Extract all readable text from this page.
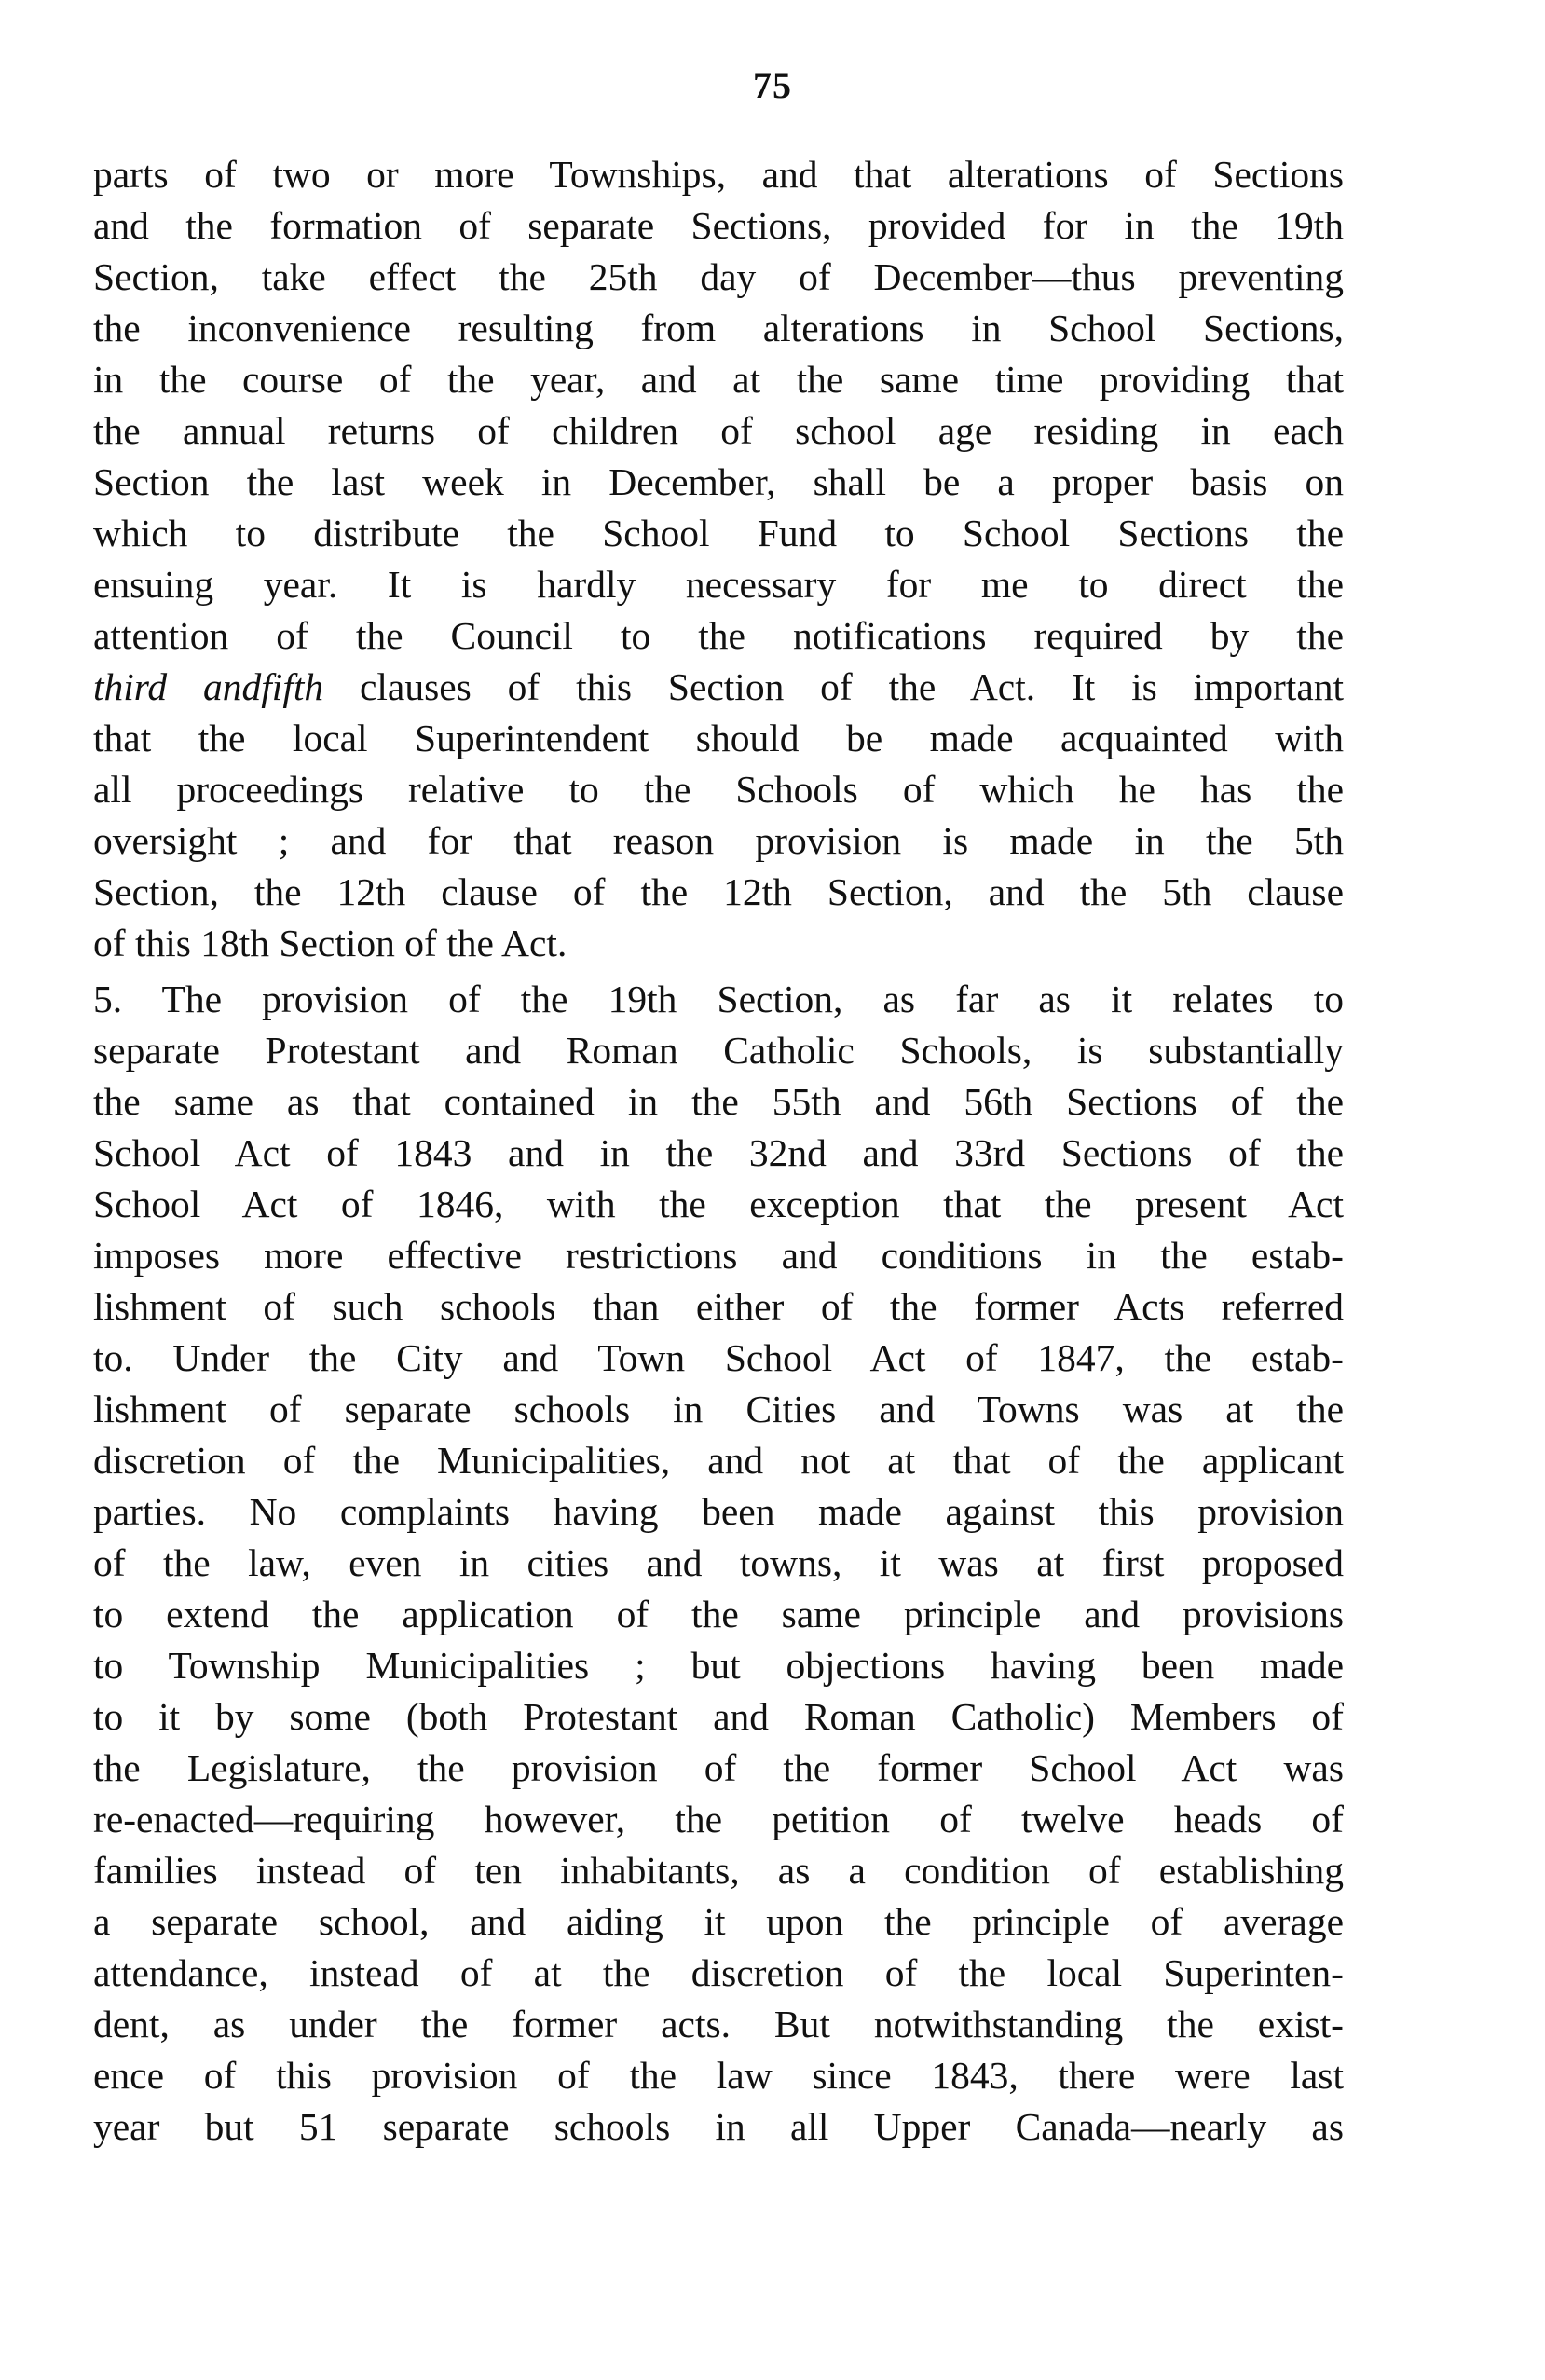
75
parts of two or more Townships, and that alterations of Sections
and the formation of separate Sections, provided for in the 19th
Section, take effect the 25th day of December—thus preventing
the inconvenience resulting from alterations in School Sections,
in the course of the year, and at the same time providing that
the annual returns of children of school age residing in each
Section the last week in December, shall be a proper basis on
which to distribute the School Fund to School Sections the
ensuing year. It is hardly necessary for me to direct the
attention of the Council to the notifications required by the
third andfifth clauses of this Section of the Act. It is important
that the local Superintendent should be made acquainted with
all proceedings relative to the Schools of which he has the
oversight ; and for that reason provision is made in the 5th
Section, the 12th clause of the 12th Section, and the 5th clause
of this 18th Section of the Act.
5. The provision of the 19th Section, as far as it relates to
separate Protestant and Roman Catholic Schools, is substantially
the same as that contained in the 55th and 56th Sections of the
School Act of 1843 and in the 32nd and 33rd Sections of the
School Act of 1846, with the exception that the present Act
imposes more effective restrictions and conditions in the estab-
lishment of such schools than either of the former Acts referred
to. Under the City and Town School Act of 1847, the estab-
lishment of separate schools in Cities and Towns was at the
discretion of the Municipalities, and not at that of the applicant
parties. No complaints having been made against this provision
of the law, even in cities and towns, it was at first proposed
to extend the application of the same principle and provisions
to Township Municipalities ; but objections having been made
to it by some (both Protestant and Roman Catholic) Members of
the Legislature, the provision of the former School Act was
re-enacted—requiring however, the petition of twelve heads of
families instead of ten inhabitants, as a condition of establishing
a separate school, and aiding it upon the principle of average
attendance, instead of at the discretion of the local Superinten-
dent, as under the former acts. But notwithstanding the exist-
ence of this provision of the law since 1843, there were last
year but 51 separate schools in all Upper Canada—nearly as
